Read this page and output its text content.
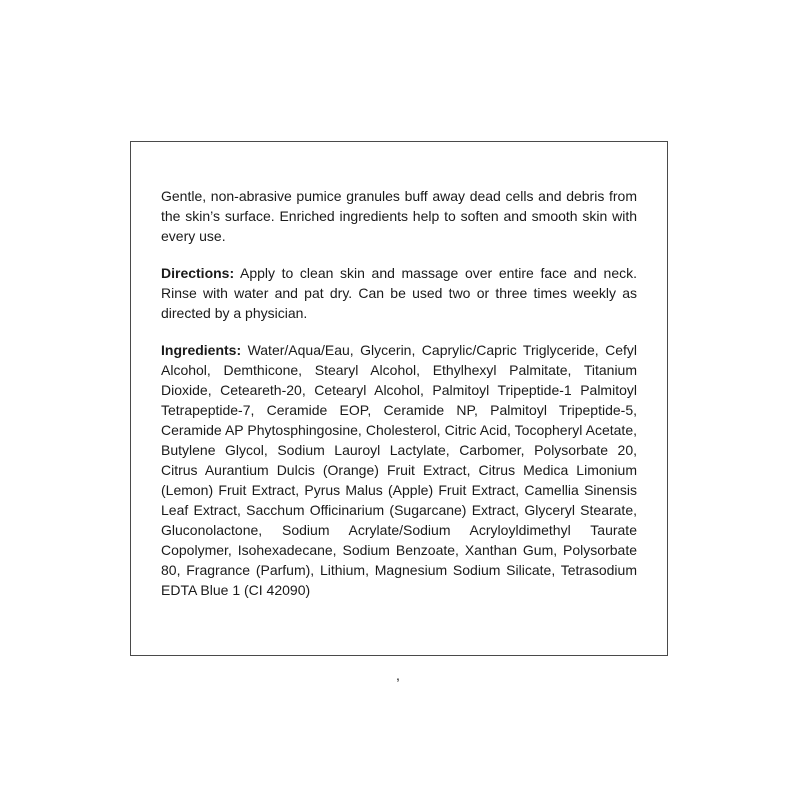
Gentle, non-abrasive pumice granules buff away dead cells and debris from the skin’s surface. Enriched ingredients help to soften and smooth skin with every use.

Directions: Apply to clean skin and massage over entire face and neck. Rinse with water and pat dry. Can be used two or three times weekly as directed by a physician.

Ingredients: Water/Aqua/Eau, Glycerin, Caprylic/Capric Triglyceride, Cefyl Alcohol, Demthicone, Stearyl Alcohol, Ethylhexyl Palmitate, Titanium Dioxide, Ceteareth-20, Cetearyl Alcohol, Palmitoyl Tripeptide-1 Palmitoyl Tetrapeptide-7, Ceramide EOP, Ceramide NP, Palmitoyl Tripeptide-5, Ceramide AP Phytosphingosine, Cholesterol, Citric Acid, Tocopheryl Acetate, Butylene Glycol, Sodium Lauroyl Lactylate, Carbomer, Polysorbate 20, Citrus Aurantium Dulcis (Orange) Fruit Extract, Citrus Medica Limonium (Lemon) Fruit Extract, Pyrus Malus (Apple) Fruit Extract, Camellia Sinensis Leaf Extract, Sacchum Officinarium (Sugarcane) Extract, Glyceryl Stearate, Gluconolactone, Sodium Acrylate/Sodium Acryloyldimethyl Taurate Copolymer, Isohexadecane, Sodium Benzoate, Xanthan Gum, Polysorbate 80, Fragrance (Parfum), Lithium, Magnesium Sodium Silicate, Tetrasodium EDTA Blue 1 (CI 42090)

,
